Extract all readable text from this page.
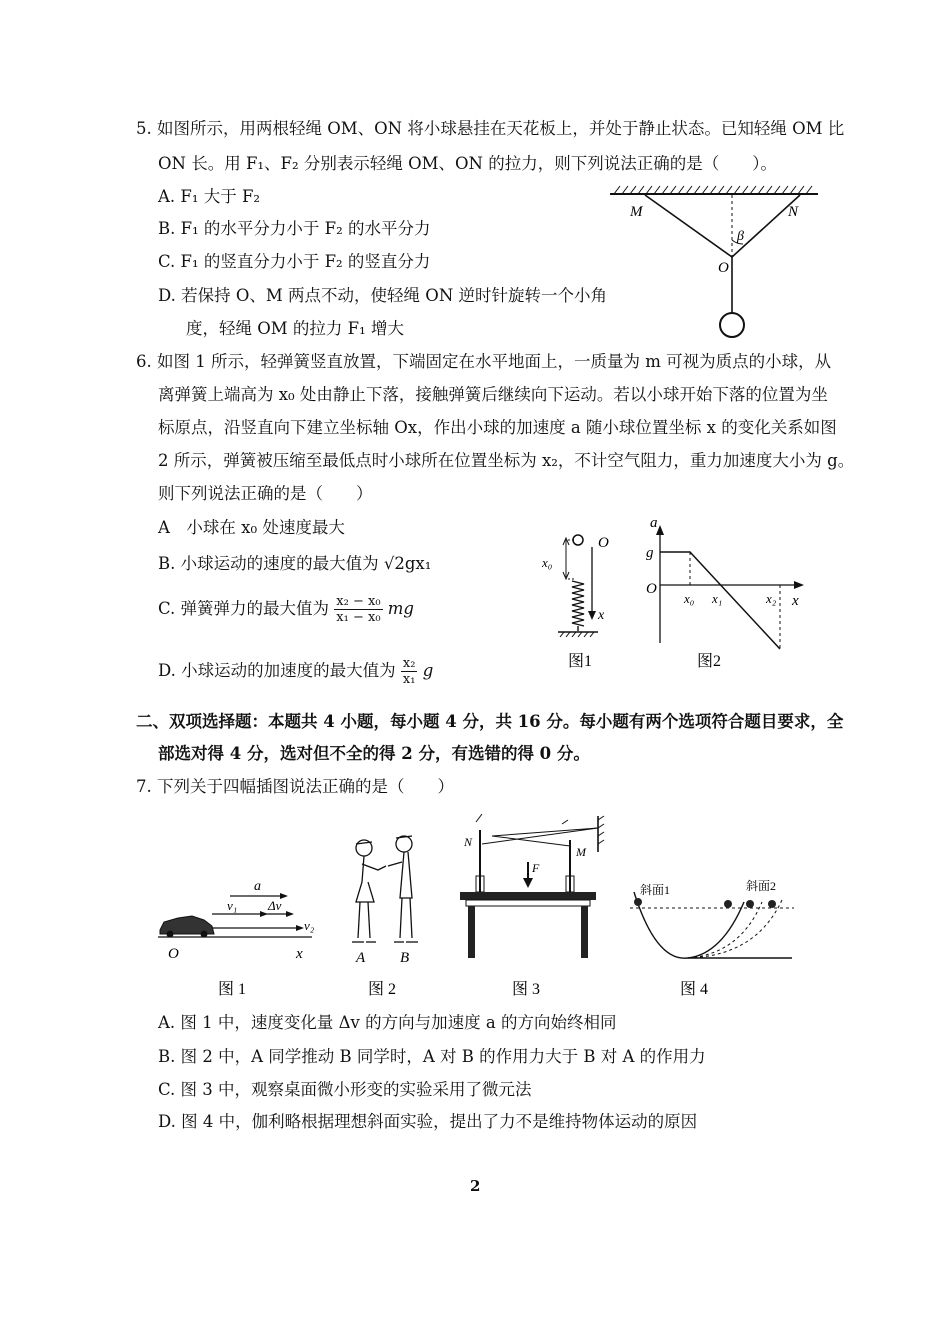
5. 如图所示，用两根轻绳 OM、ON 将小球悬挂在天花板上，并处于静止状态。已知轻绳 OM 比
ON 长。用 F₁、F₂ 分别表示轻绳 OM、ON 的拉力，则下列说法正确的是（　　）。
A. F₁ 大于 F₂
B. F₁ 的水平分力小于 F₂ 的水平分力
C. F₁ 的竖直分力小于 F₂ 的竖直分力
D. 若保持 O、M 两点不动，使轻绳 ON 逆时针旋转一个小角
度，轻绳 OM 的拉力 F₁ 增大
M	N
O
β
6. 如图 1 所示，轻弹簧竖直放置，下端固定在水平地面上，一质量为 m 可视为质点的小球，从
离弹簧上端高为 x₀ 处由静止下落，接触弹簧后继续向下运动。若以小球开始下落的位置为坐
标原点，沿竖直向下建立坐标轴 Ox，作出小球的加速度 a 随小球位置坐标 x 的变化关系如图
2 所示，弹簧被压缩至最低点时小球所在位置坐标为 x₂，不计空气阻力，重力加速度大小为 g。
则下列说法正确的是（　　）
A　小球在 x₀ 处速度最大
B. 小球运动的速度的最大值为 √2gx₁
C. 弹簧弹力的最大值为 $\frac{\text{x₂ − x₀}}{\text{x₁ − x₀}}$ mg
D. 小球运动的加速度的最大值为 $\frac{\text{x₂}}{\text{x₁}}$ g
x₀
O
x
图1
a
g
O
x₀ x₁	x₂ x
图2
二、双项选择题：本题共 4 小题，每小题 4 分，共 16 分。每小题有两个选项符合题目要求，全
部选对得 4 分，选对但不全的得 2 分，有选错的得 0 分。
7. 下列关于四幅插图说法正确的是（　　）
a
v₁ Δv
v₂
O	x
图 1
A B
图 2
N
M
F
图 3
斜面1	斜面2
图 4
A. 图 1 中，速度变化量 Δv 的方向与加速度 a 的方向始终相同
B. 图 2 中，A 同学推动 B 同学时，A 对 B 的作用力大于 B 对 A 的作用力
C. 图 3 中，观察桌面微小形变的实验采用了微元法
D. 图 4 中，伽利略根据理想斜面实验，提出了力不是维持物体运动的原因
2
